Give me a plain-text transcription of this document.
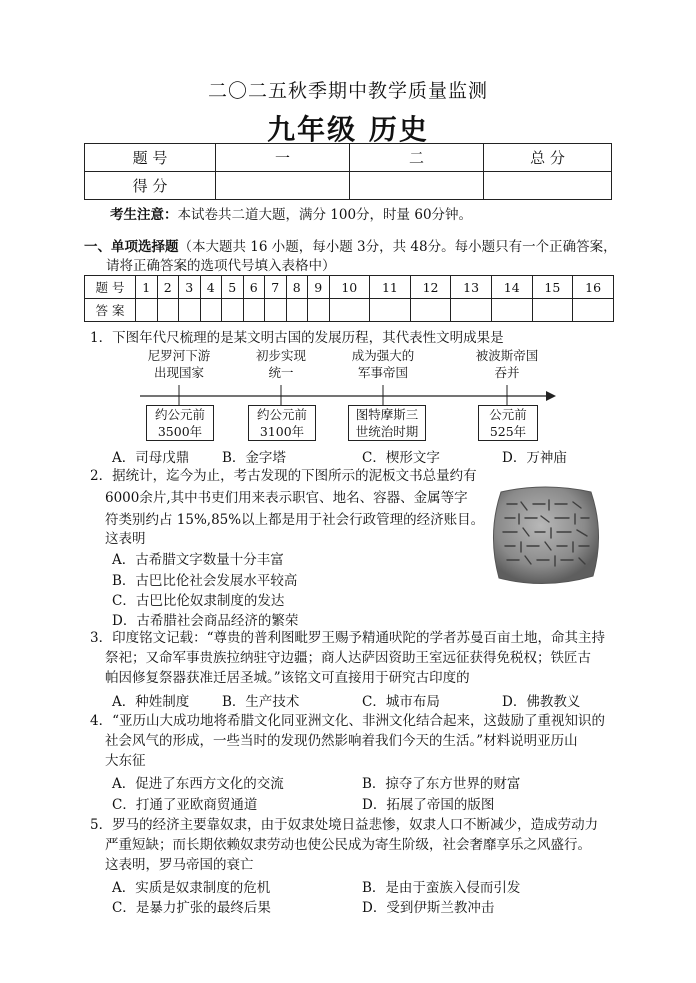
二〇二五秋季期中教学质量监测
九年级 历史
题 号	一	二	总 分
得 分			
考生注意：本试卷共二道大题，满分 100分，时量 60分钟。
一、单项选择题（本大题共 16 小题，每小题 3分，共 48分。每小题只有一个正确答案，
请将正确答案的选项代号填入表格中）
题 号	1	2	3	4	5	6	7	8	9	10	11	12	13	14	15	16
答 案																
1．下图年代尺梳理的是某文明古国的发展历程，其代表性文明成果是
尼罗河下游
出现国家
初步实现
统一
成为强大的
军事帝国
被波斯帝国
吞并
约公元前
3500年
约公元前
3100年
图特摩斯三
世统治时期
公元前
525年
A．司母戊鼎 B．金字塔	C．楔形文字	D．万神庙
2．据统计，迄今为止，考古发现的下图所示的泥板文书总量约有
6000余片,其中书吏们用来表示职官、地名、容器、金属等字
符类别约占 15%,85%以上都是用于社会行政管理的经济账目。
这表明
A．古希腊文字数量十分丰富
B．古巴比伦社会发展水平较高
C．古巴比伦奴隶制度的发达
D．古希腊社会商品经济的繁荣
3．印度铭文记载：“尊贵的普利图毗罗王赐予精通吠陀的学者苏曼百亩土地，命其主持
祭祀；又命军事贵族拉纳驻守边疆；商人达萨因资助王室远征获得免税权；铁匠古
帕因修复祭器获准迁居圣城。”该铭文可直接用于研究古印度的
A．种姓制度 B．生产技术	C．城市布局	D．佛教教义
4．“亚历山大成功地将希腊文化同亚洲文化、非洲文化结合起来，这鼓励了重视知识的
社会风气的形成，一些当时的发现仍然影响着我们今天的生活。”材料说明亚历山
大东征
A．促进了东西方文化的交流	B．掠夺了东方世界的财富
C．打通了亚欧商贸通道	D．拓展了帝国的版图
5．罗马的经济主要靠奴隶，由于奴隶处境日益悲惨，奴隶人口不断减少，造成劳动力
严重短缺；而长期依赖奴隶劳动也使公民成为寄生阶级，社会奢靡享乐之风盛行。
这表明，罗马帝国的衰亡
A．实质是奴隶制度的危机	B．是由于蛮族入侵而引发
C．是暴力扩张的最终后果	D．受到伊斯兰教冲击
